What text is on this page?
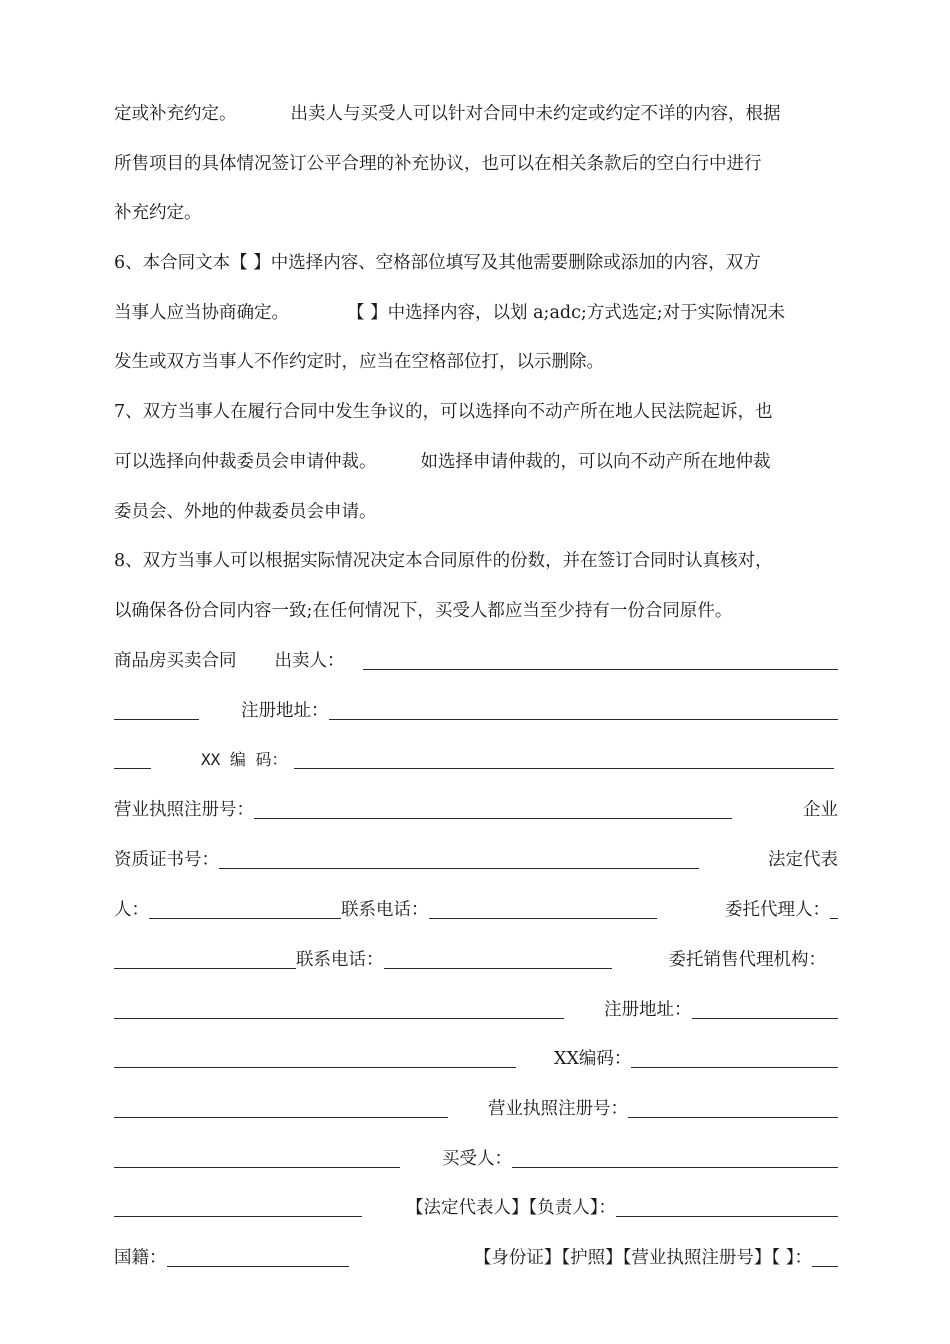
定或补充约定。	出卖人与买受人可以针对合同中未约定或约定不详的内容，根据
所售项目的具体情况签订公平合理的补充协议，也可以在相关条款后的空白行中进行
补充约定。
6、本合同文本【 】中选择内容、空格部位填写及其他需要删除或添加的内容，双方
当事人应当协商确定。	【 】中选择内容，以划 a;adc;方式选定;对于实际情况未
发生或双方当事人不作约定时，应当在空格部位打，以示删除。
7、双方当事人在履行合同中发生争议的，可以选择向不动产所在地人民法院起诉，也
可以选择向仲裁委员会申请仲裁。	如选择申请仲裁的，可以向不动产所在地仲裁
委员会、外地的仲裁委员会申请。
8、双方当事人可以根据实际情况决定本合同原件的份数，并在签订合同时认真核对，
以确保各份合同内容一致;在任何情况下，买受人都应当至少持有一份合同原件。
商品房买卖合同 出卖人：
注册地址：
XX 编 码：
营业执照注册号：	企业
资质证书号：	法定代表
人：	联系电话：	委托代理人：
联系电话：	委托销售代理机构：
注册地址：
XX编码：
营业执照注册号：
买受人：
【法定代表人】【负责人】：
国籍：	【身份证】【护照】【营业执照注册号】【 】：
